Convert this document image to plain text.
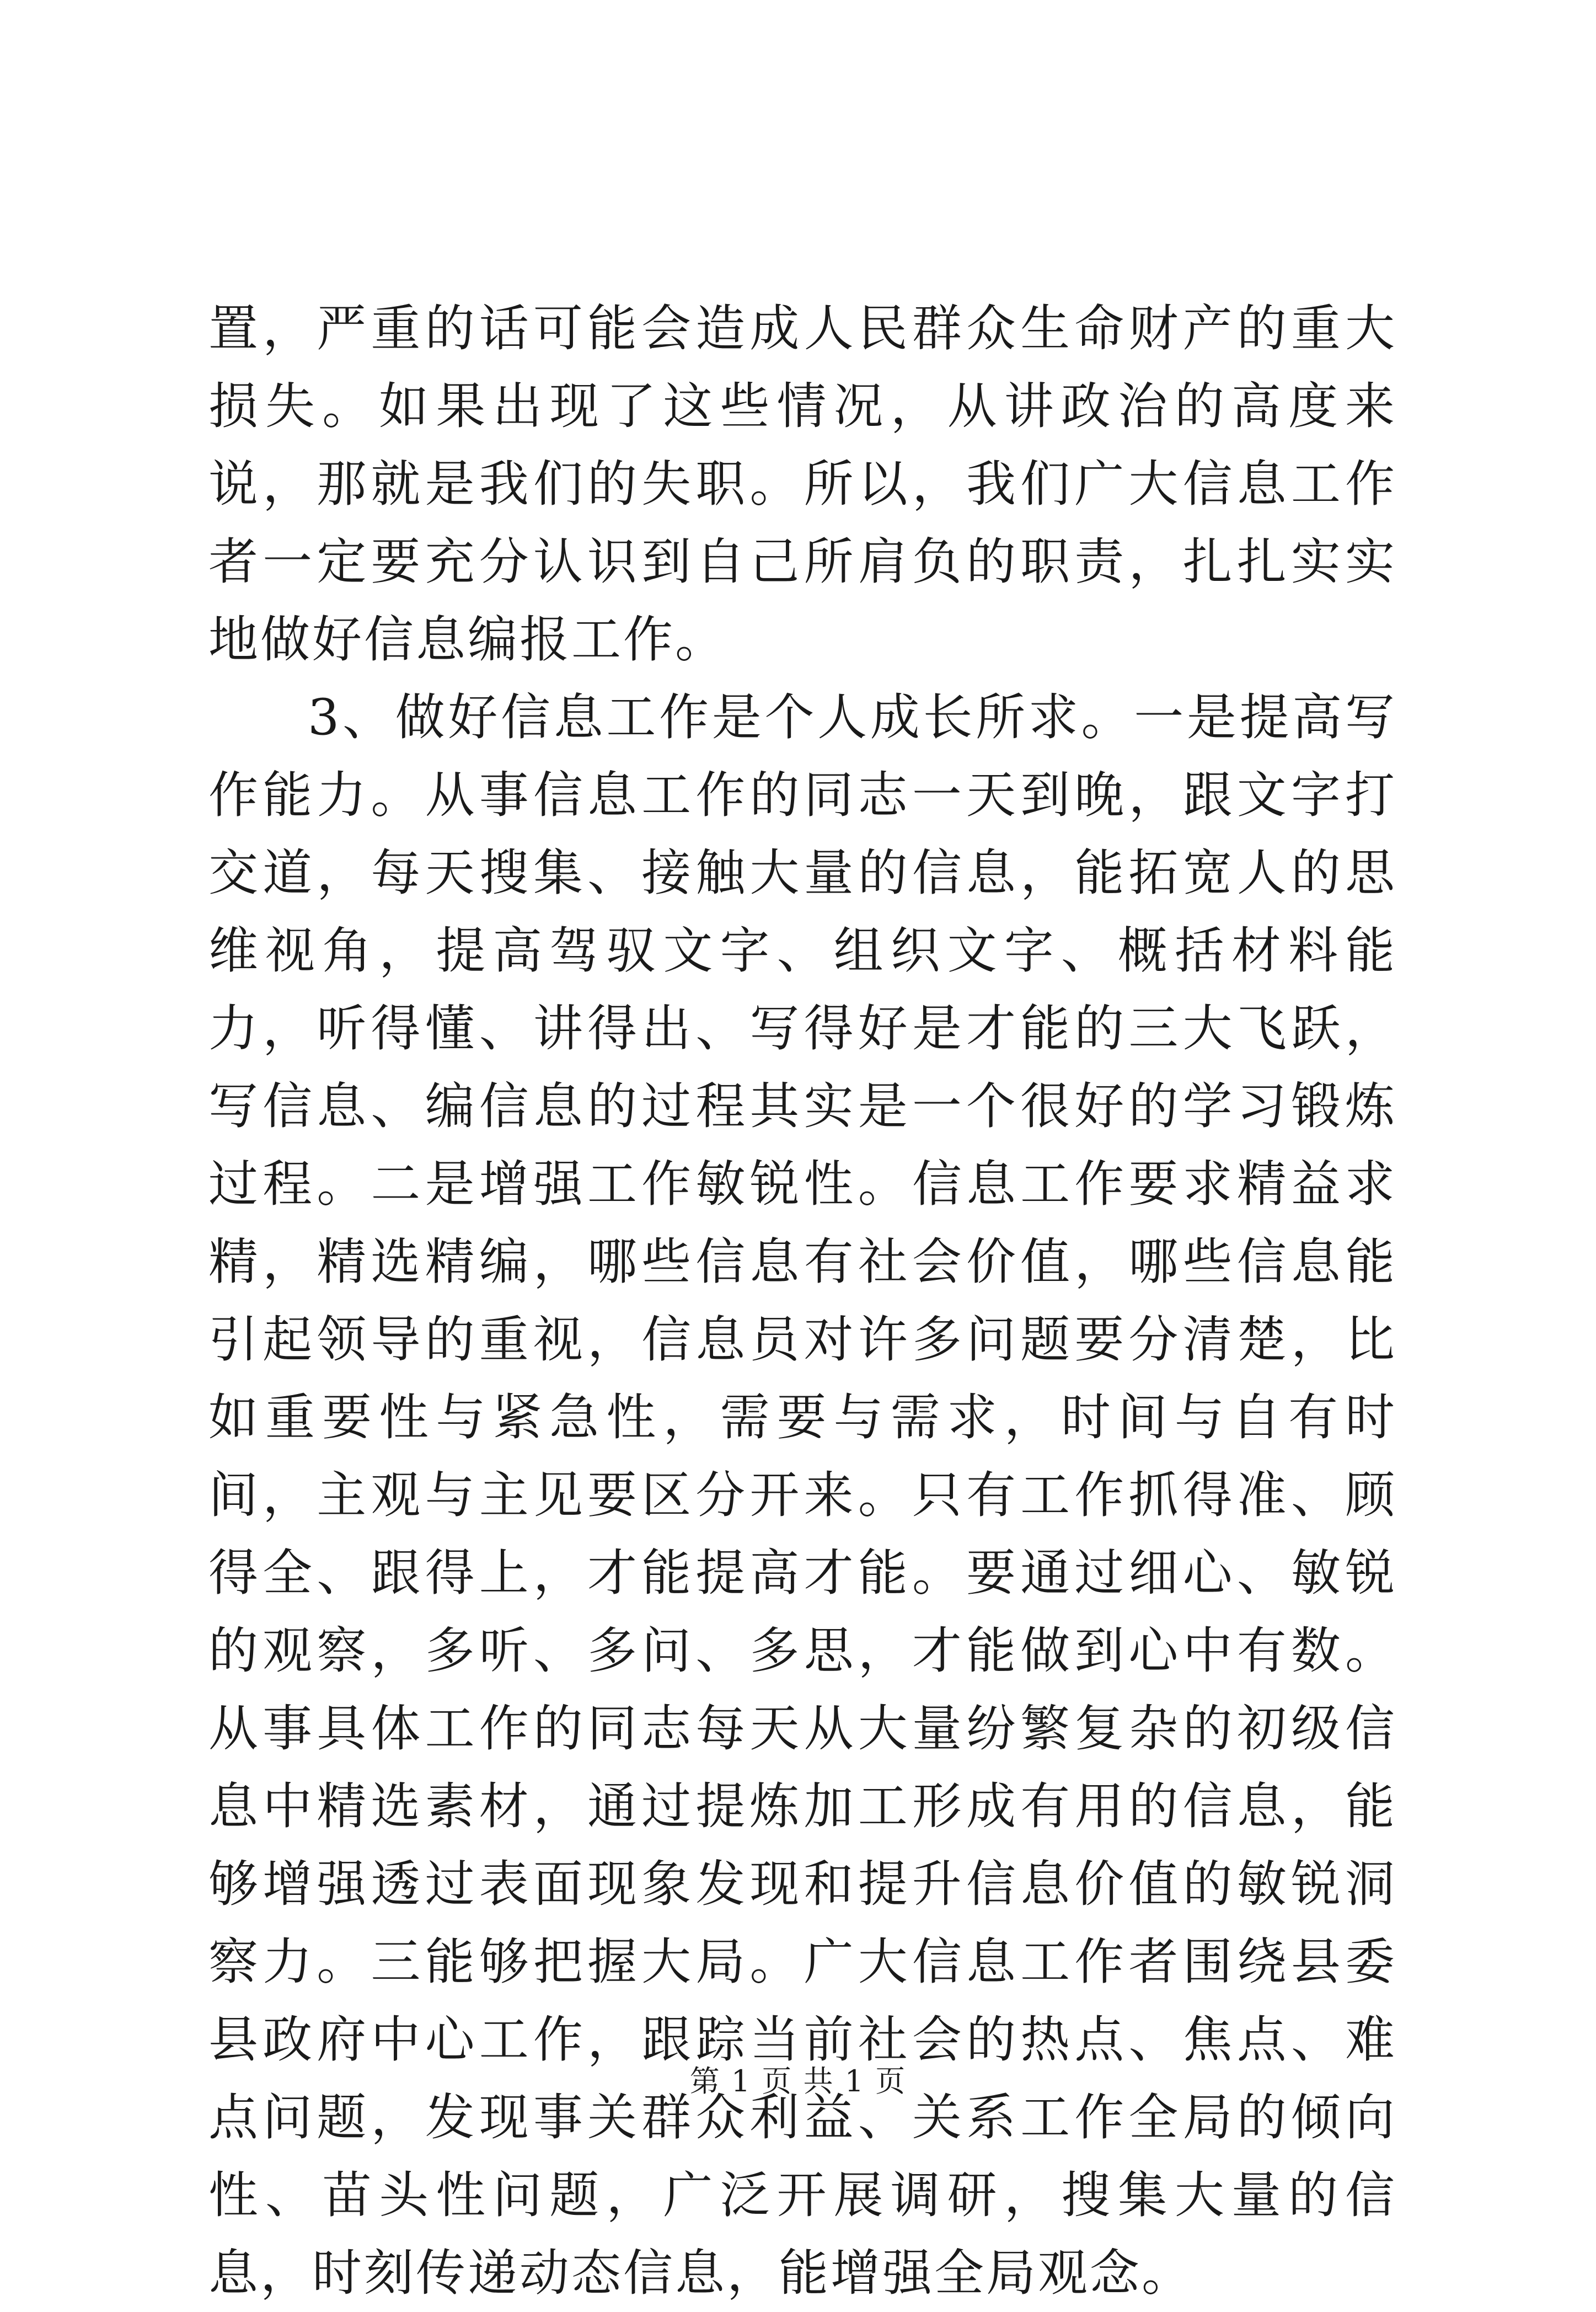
置，严重的话可能会造成人民群众生命财产的重大损失。如果出现了这些情况，从讲政治的高度来说，那就是我们的失职。所以，我们广大信息工作者一定要充分认识到自己所肩负的职责，扎扎实实地做好信息编报工作。

3、做好信息工作是个人成长所求。一是提高写作能力。从事信息工作的同志一天到晚，跟文字打交道，每天搜集、接触大量的信息，能拓宽人的思维视角，提高驾驭文字、组织文字、概括材料能力，听得懂、讲得出、写得好是才能的三大飞跃，写信息、编信息的过程其实是一个很好的学习锻炼过程。二是增强工作敏锐性。信息工作要求精益求精，精选精编，哪些信息有社会价值，哪些信息能引起领导的重视，信息员对许多问题要分清楚，比如重要性与紧急性，需要与需求，时间与自有时间，主观与主见要区分开来。只有工作抓得准、顾得全、跟得上，才能提高才能。要通过细心、敏锐的观察，多听、多问、多思，才能做到心中有数。从事具体工作的同志每天从大量纷繁复杂的初级信息中精选素材，通过提炼加工形成有用的信息，能够增强透过表面现象发现和提升信息价值的敏锐洞察力。三能够把握大局。广大信息工作者围绕县委县政府中心工作，跟踪当前社会的热点、焦点、难点问题，发现事关群众利益、关系工作全局的倾向性、苗头性问题，广泛开展调研，搜集大量的信息，时刻传递动态信息，能增强全局观念。

第 1 页 共 1 页
